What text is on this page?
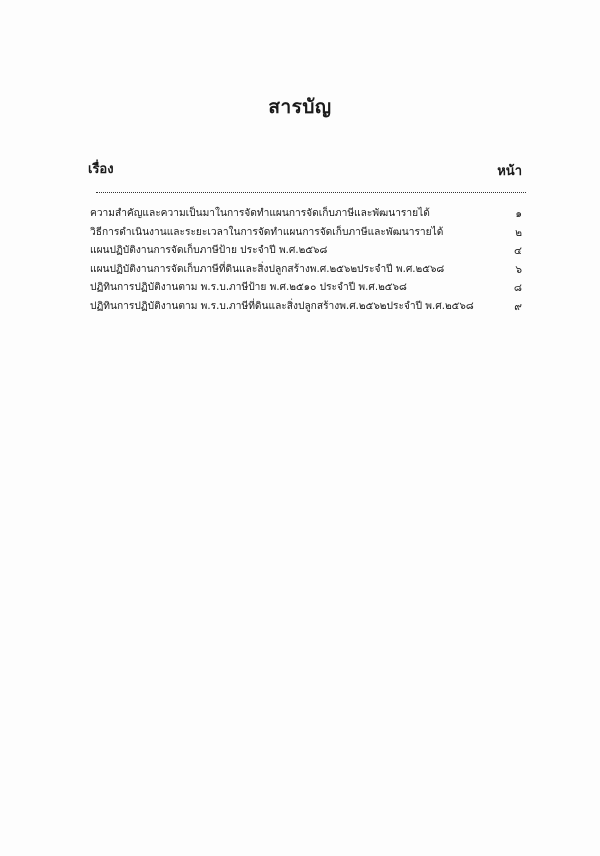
สารบัญ
เรื่อง	หน้า
ความสำคัญและความเป็นมาในการจัดทำแผนการจัดเก็บภาษีและพัฒนารายได้	๑
วิธีการดำเนินงานและระยะเวลาในการจัดทำแผนการจัดเก็บภาษีและพัฒนารายได้	๒
แผนปฏิบัติงานการจัดเก็บภาษีป้าย ประจำปี พ.ศ.๒๕๖๘	๔
แผนปฏิบัติงานการจัดเก็บภาษีที่ดินและสิ่งปลูกสร้างพ.ศ.๒๕๖๒ประจำปี พ.ศ.๒๕๖๘	๖
ปฏิทินการปฏิบัติงานตาม พ.ร.บ.ภาษีป้าย พ.ศ.๒๕๑๐ ประจำปี พ.ศ.๒๕๖๘	๘
ปฏิทินการปฏิบัติงานตาม พ.ร.บ.ภาษีที่ดินและสิ่งปลูกสร้างพ.ศ.๒๕๖๒ประจำปี พ.ศ.๒๕๖๘	๙
